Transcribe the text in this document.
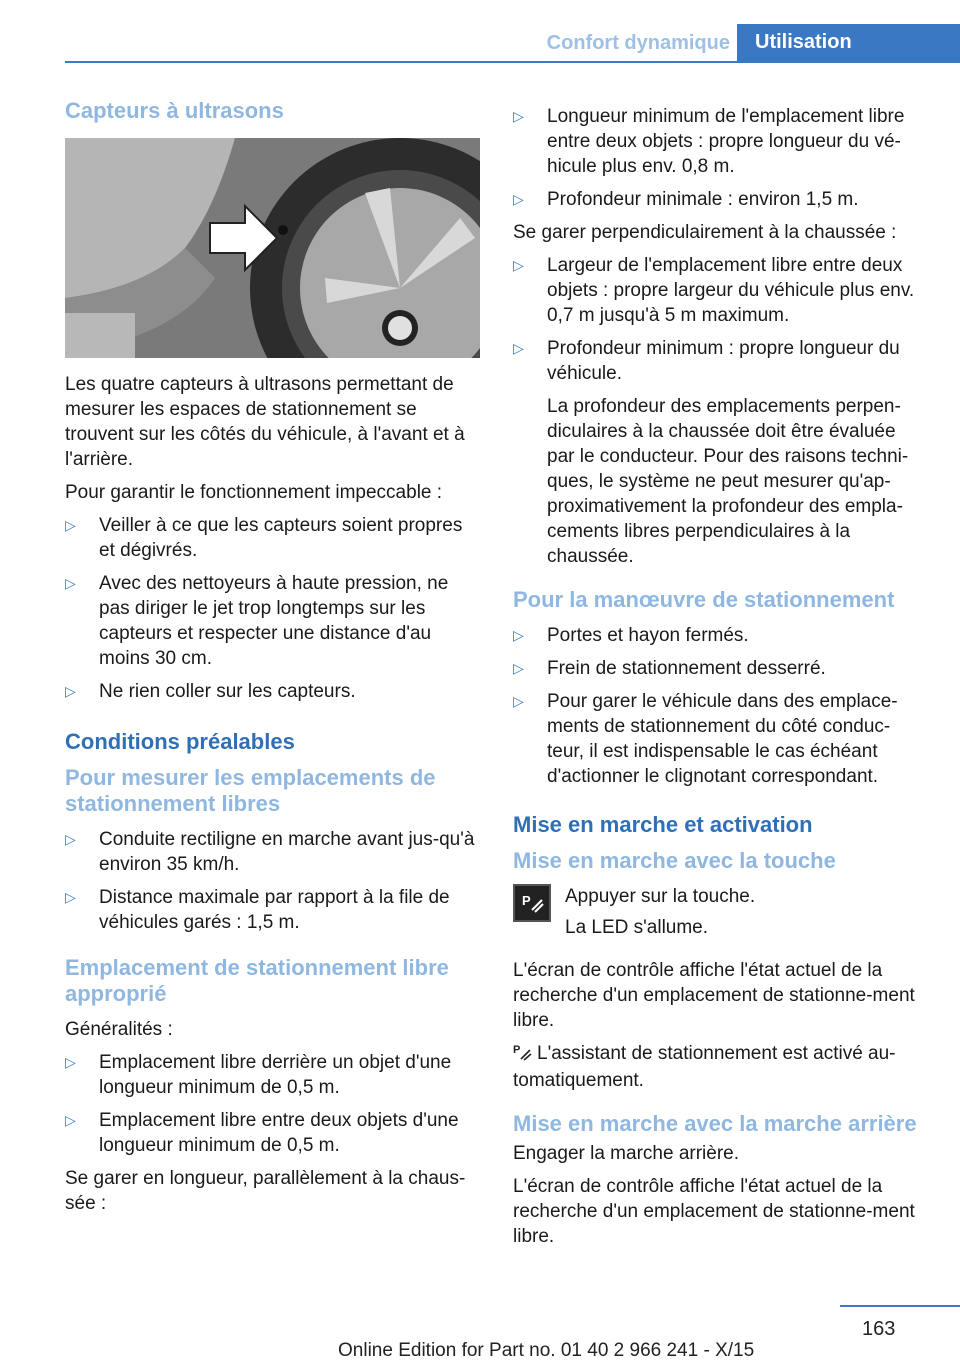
Confort dynamique	Utilisation
Capteurs à ultrasons

Les quatre capteurs à ultrasons permettant de mesurer les espaces de stationnement se trouvent sur les côtés du véhicule, à l'avant et à l'arrière.

Pour garantir le fonctionnement impeccable :

▷ Veiller à ce que les capteurs soient propres et dégivrés.
▷ Avec des nettoyeurs à haute pression, ne pas diriger le jet trop longtemps sur les capteurs et respecter une distance d'au moins 30 cm.
▷ Ne rien coller sur les capteurs.
Conditions préalables
Pour mesurer les emplacements de stationnement libres
▷ Conduite rectiligne en marche avant jus-qu'à environ 35 km/h.
▷ Distance maximale par rapport à la file de véhicules garés : 1,5 m.
Emplacement de stationnement libre approprié

Généralités :

▷ Emplacement libre derrière un objet d'une longueur minimum de 0,5 m.
▷ Emplacement libre entre deux objets d'une longueur minimum de 0,5 m.

Se garer en longueur, parallèlement à la chaus-sée :

▷ Longueur minimum de l'emplacement libre entre deux objets : propre longueur du vé-hicule plus env. 0,8 m.
▷ Profondeur minimale : environ 1,5 m.

Se garer perpendiculairement à la chaussée :

▷ Largeur de l'emplacement libre entre deux objets : propre largeur du véhicule plus env. 0,7 m jusqu'à 5 m maximum.
▷ Profondeur minimum : propre longueur du véhicule.
La profondeur des emplacements perpen-diculaires à la chaussée doit être évaluée par le conducteur. Pour des raisons techni-ques, le système ne peut mesurer qu'ap-proximativement la profondeur des empla-cements libres perpendiculaires à la chaussée.
Pour la manœuvre de stationnement
▷ Portes et hayon fermés.
▷ Frein de stationnement desserré.
▷ Pour garer le véhicule dans des emplace-ments de stationnement du côté conduc-teur, il est indispensable le cas échéant d'actionner le clignotant correspondant.
Mise en marche et activation
Mise en marche avec la touche
P Appuyer sur la touche.
La LED s'allume.

L'écran de contrôle affiche l'état actuel de la recherche d'un emplacement de stationne-ment libre.

P L'assistant de stationnement est activé au-tomatiquement.

Mise en marche avec la marche arrière

Engager la marche arrière.

L'écran de contrôle affiche l'état actuel de la recherche d'un emplacement de stationne-ment libre.

163
Online Edition for Part no. 01 40 2 966 241 - X/15
